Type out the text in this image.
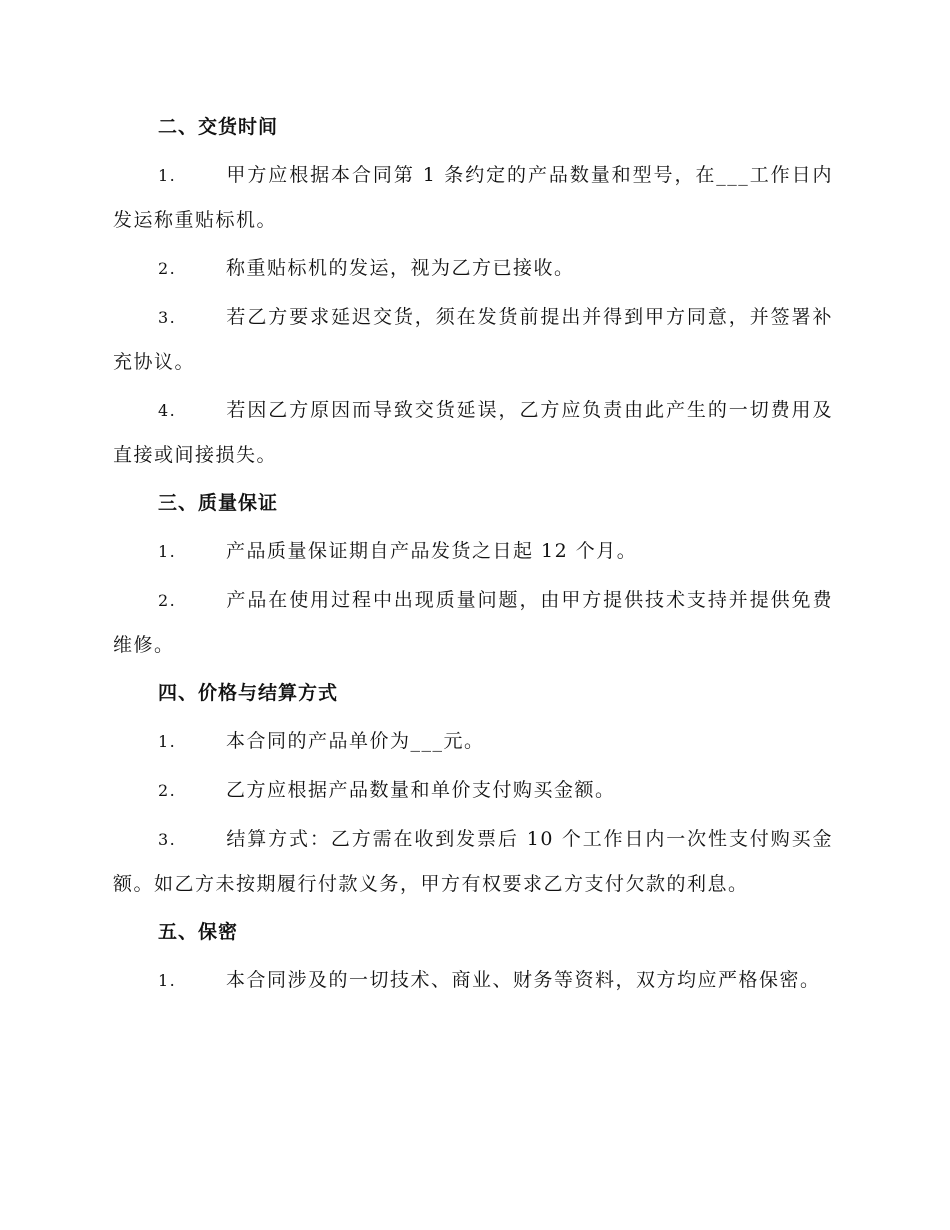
二、交货时间
1.	甲方应根据本合同第 1 条约定的产品数量和型号，在___工作日内发运称重贴标机。
2.	称重贴标机的发运，视为乙方已接收。
3.	若乙方要求延迟交货，须在发货前提出并得到甲方同意，并签署补充协议。
4.	若因乙方原因而导致交货延误，乙方应负责由此产生的一切费用及直接或间接损失。
三、质量保证
1.	产品质量保证期自产品发货之日起 12 个月。
2.	产品在使用过程中出现质量问题，由甲方提供技术支持并提供免费维修。
四、价格与结算方式
1.	本合同的产品单价为___元。
2.	乙方应根据产品数量和单价支付购买金额。
3.	结算方式：乙方需在收到发票后 10 个工作日内一次性支付购买金额。如乙方未按期履行付款义务，甲方有权要求乙方支付欠款的利息。
五、保密
1.	本合同涉及的一切技术、商业、财务等资料，双方均应严格保密。
